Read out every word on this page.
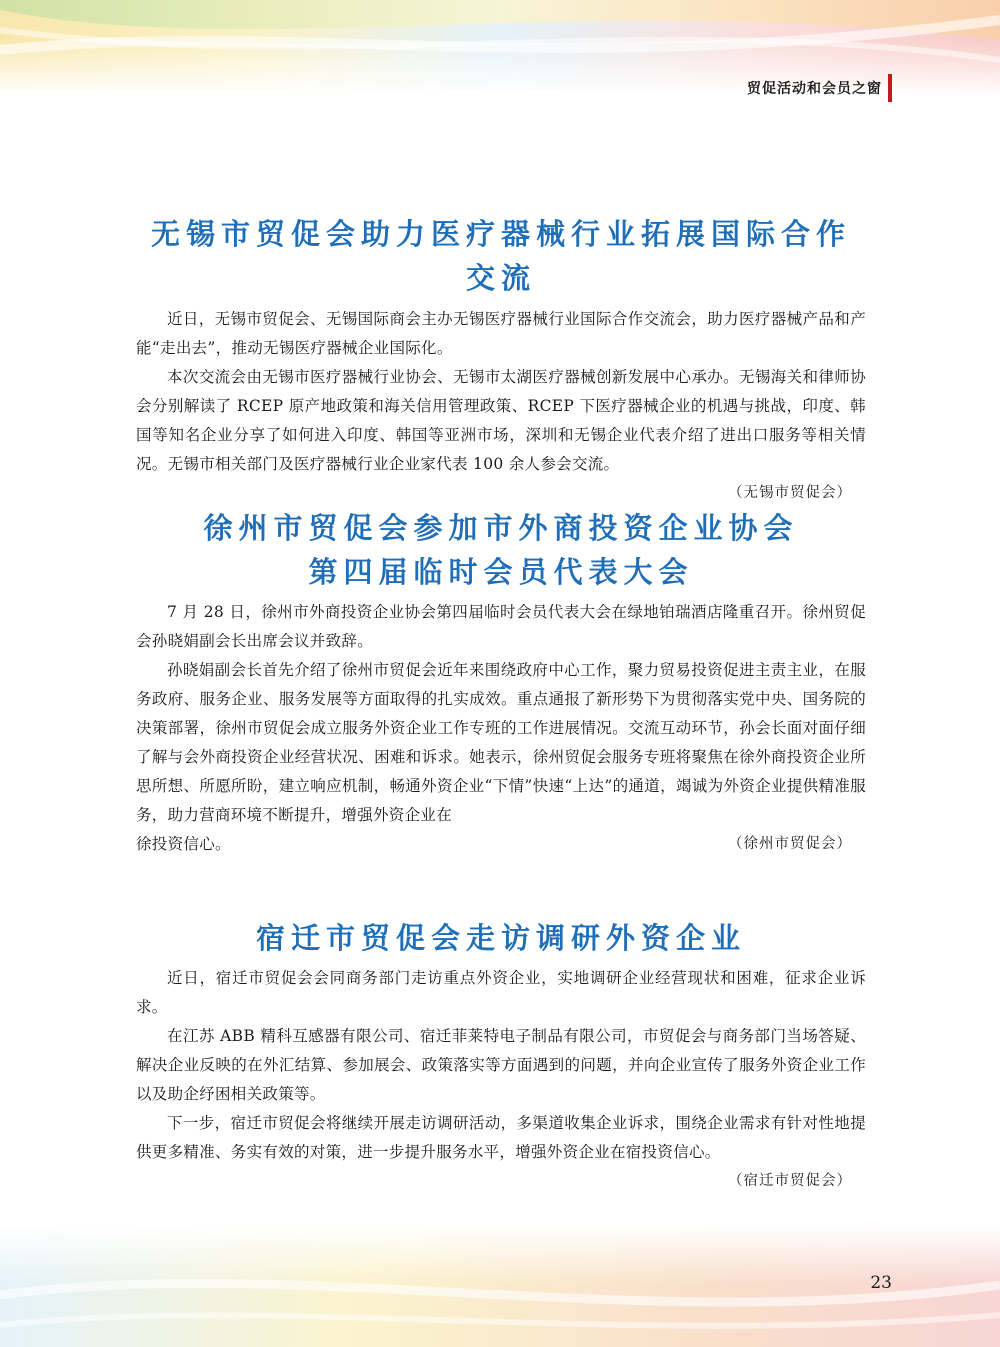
贸促活动和会员之窗
无锡市贸促会助力医疗器械行业拓展国际合作交流

近日，无锡市贸促会、无锡国际商会主办无锡医疗器械行业国际合作交流会，助力医疗器械产品和产能“走出去”，推动无锡医疗器械企业国际化。

本次交流会由无锡市医疗器械行业协会、无锡市太湖医疗器械创新发展中心承办。无锡海关和律师协会分别解读了 RCEP 原产地政策和海关信用管理政策、RCEP 下医疗器械企业的机遇与挑战，印度、韩国等知名企业分享了如何进入印度、韩国等亚洲市场，深圳和无锡企业代表介绍了进出口服务等相关情况。无锡市相关部门及医疗器械行业企业家代表 100 余人参会交流。

（无锡市贸促会）

徐州市贸促会参加市外商投资企业协会
第四届临时会员代表大会

7 月 28 日，徐州市外商投资企业协会第四届临时会员代表大会在绿地铂瑞酒店隆重召开。徐州贸促会孙晓娟副会长出席会议并致辞。

孙晓娟副会长首先介绍了徐州市贸促会近年来围绕政府中心工作，聚力贸易投资促进主责主业，在服务政府、服务企业、服务发展等方面取得的扎实成效。重点通报了新形势下为贯彻落实党中央、国务院的决策部署，徐州市贸促会成立服务外资企业工作专班的工作进展情况。交流互动环节，孙会长面对面仔细了解与会外商投资企业经营状况、困难和诉求。她表示，徐州贸促会服务专班将聚焦在徐外商投资企业所思所想、所愿所盼，建立响应机制，畅通外资企业“下情”快速“上达”的通道，竭诚为外资企业提供精准服务，助力营商环境不断提升，增强外资企业在

徐投资信心。	（徐州市贸促会）
宿迁市贸促会走访调研外资企业

近日，宿迁市贸促会会同商务部门走访重点外资企业，实地调研企业经营现状和困难，征求企业诉求。

在江苏 ABB 精科互感器有限公司、宿迁菲莱特电子制品有限公司，市贸促会与商务部门当场答疑、解决企业反映的在外汇结算、参加展会、政策落实等方面遇到的问题，并向企业宣传了服务外资企业工作以及助企纾困相关政策等。

下一步，宿迁市贸促会将继续开展走访调研活动，多渠道收集企业诉求，围绕企业需求有针对性地提供更多精准、务实有效的对策，进一步提升服务水平，增强外资企业在宿投资信心。

（宿迁市贸促会）

23
